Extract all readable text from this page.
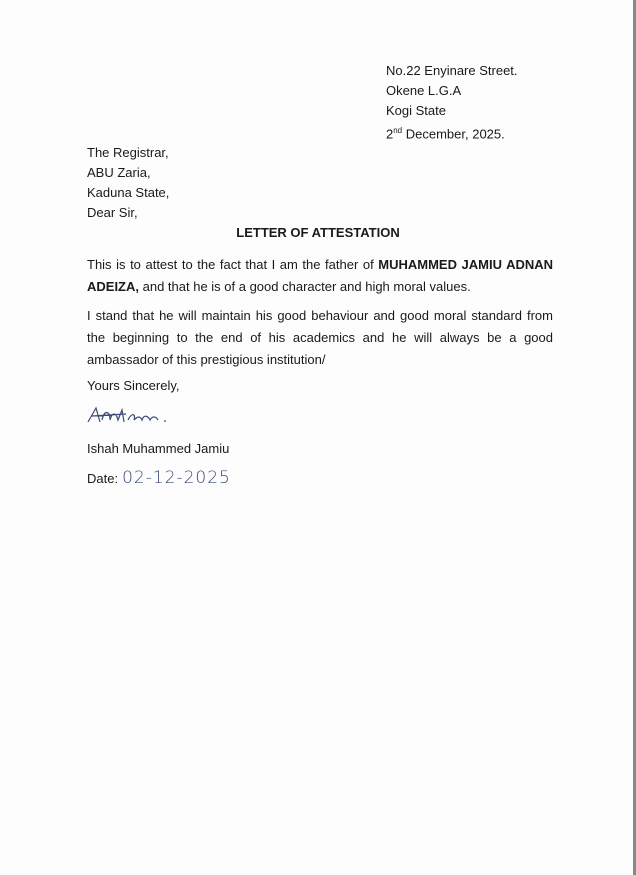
No.22 Enyinare Street.
Okene L.G.A
Kogi State
2nd December, 2025.
The Registrar,
ABU Zaria,
Kaduna State,
Dear Sir,
LETTER OF ATTESTATION
This is to attest to the fact that I am the father of MUHAMMED JAMIU ADNAN ADEIZA, and that he is of a good character and high moral values.
I stand that he will maintain his good behaviour and good moral standard from the beginning to the end of his academics and he will always be a good ambassador of this prestigious institution/
Yours Sincerely,
Ishah Muhammed Jamiu
Date: 02-12-2025
